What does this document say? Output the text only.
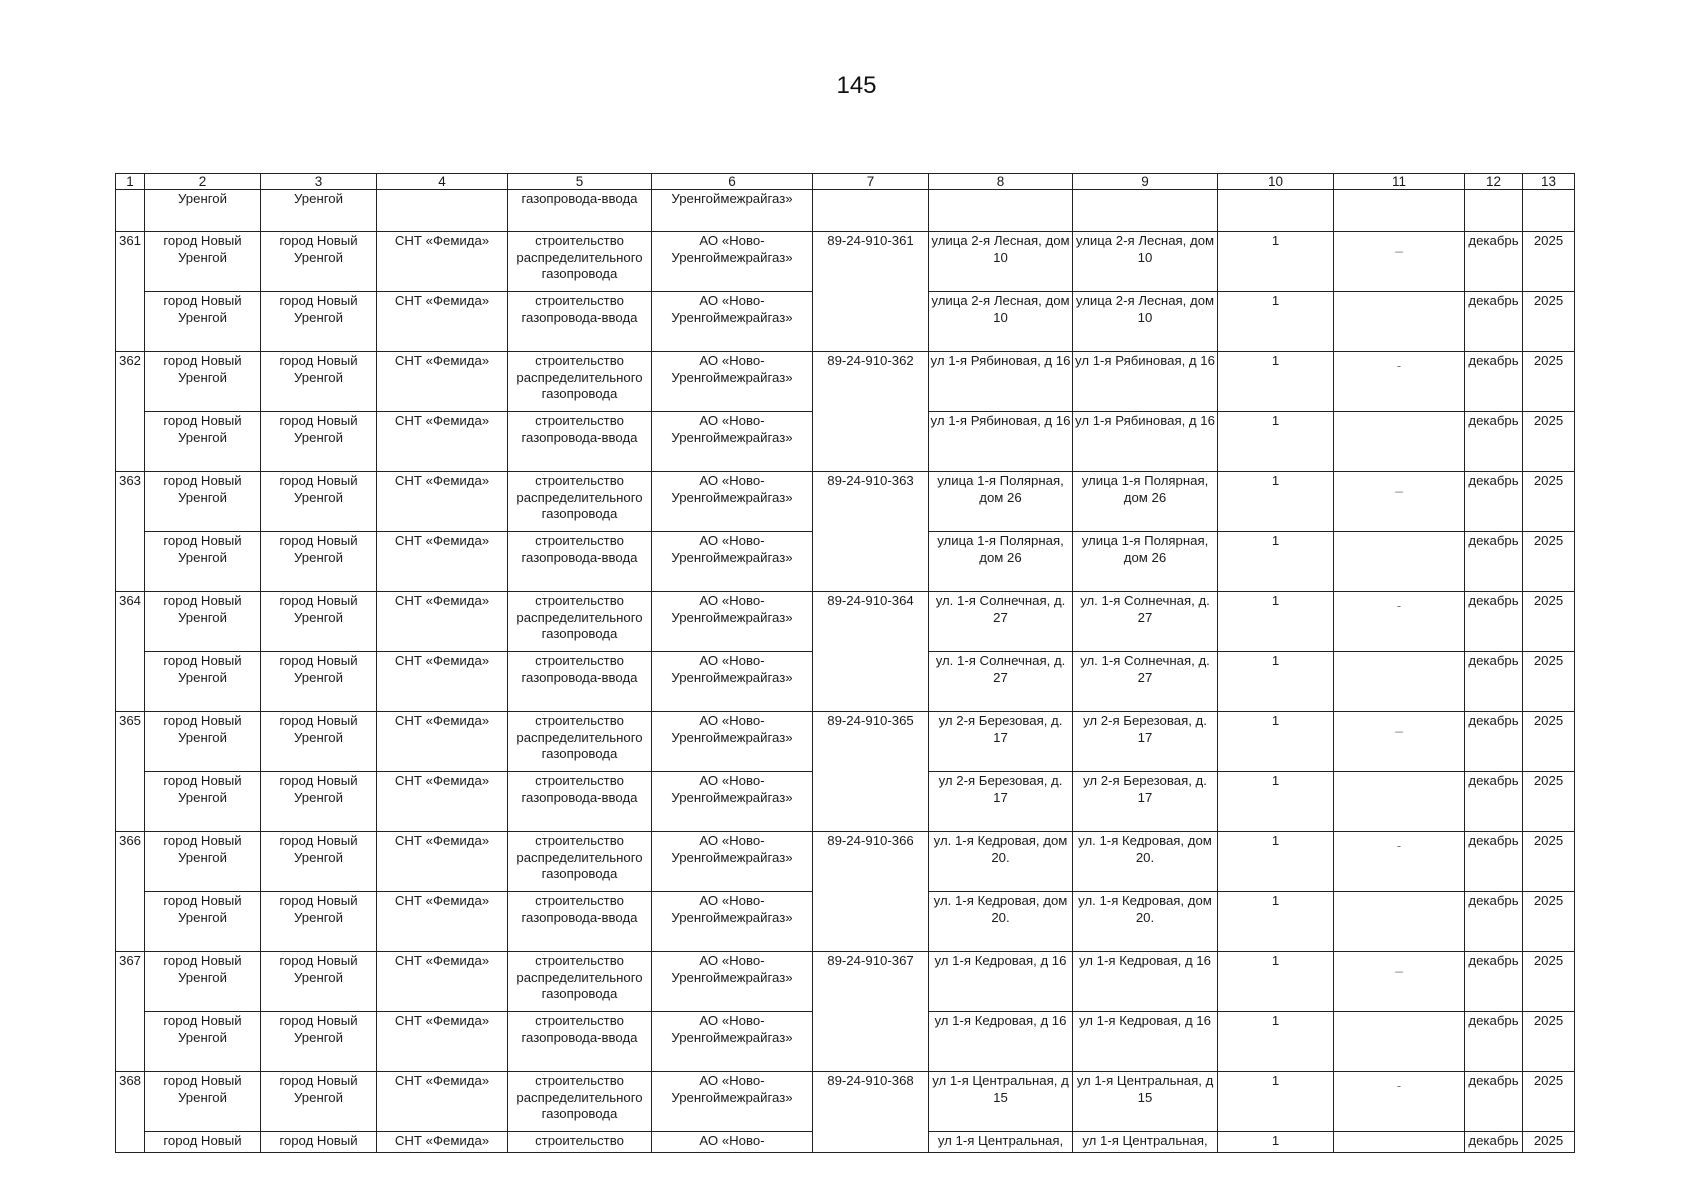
145
1	2	3	4	5	6	7	8	9	10	11	12	13
	Уренгой	Уренгой		газопровода-ввода	Уренгоймежрайгаз»							
361	город Новый Уренгой	город Новый Уренгой	СНТ «Фемида»	строительство распределительного газопровода	АО «Ново-Уренгоймежрайгаз»	89-24-910-361	улица 2-я Лесная, дом 10	улица 2-я Лесная, дом 10	1	_	декабрь	2025
	город Новый Уренгой	город Новый Уренгой	СНТ «Фемида»	строительство газопровода-ввода	АО «Ново-Уренгоймежрайгаз»		улица 2-я Лесная, дом 10	улица 2-я Лесная, дом 10	1		декабрь	2025
362	город Новый Уренгой	город Новый Уренгой	СНТ «Фемида»	строительство распределительного газопровода	АО «Ново-Уренгоймежрайгаз»	89-24-910-362	ул 1-я Рябиновая, д 16	ул 1-я Рябиновая, д 16	1	-	декабрь	2025
	город Новый Уренгой	город Новый Уренгой	СНТ «Фемида»	строительство газопровода-ввода	АО «Ново-Уренгоймежрайгаз»		ул 1-я Рябиновая, д 16	ул 1-я Рябиновая, д 16	1		декабрь	2025
363	город Новый Уренгой	город Новый Уренгой	СНТ «Фемида»	строительство распределительного газопровода	АО «Ново-Уренгоймежрайгаз»	89-24-910-363	улица 1-я Полярная, дом 26	улица 1-я Полярная, дом 26	1	_	декабрь	2025
	город Новый Уренгой	город Новый Уренгой	СНТ «Фемида»	строительство газопровода-ввода	АО «Ново-Уренгоймежрайгаз»		улица 1-я Полярная, дом 26	улица 1-я Полярная, дом 26	1		декабрь	2025
364	город Новый Уренгой	город Новый Уренгой	СНТ «Фемида»	строительство распределительного газопровода	АО «Ново-Уренгоймежрайгаз»	89-24-910-364	ул. 1-я Солнечная, д. 27	ул. 1-я Солнечная, д. 27	1	-	декабрь	2025
	город Новый Уренгой	город Новый Уренгой	СНТ «Фемида»	строительство газопровода-ввода	АО «Ново-Уренгоймежрайгаз»		ул. 1-я Солнечная, д. 27	ул. 1-я Солнечная, д. 27	1		декабрь	2025
365	город Новый Уренгой	город Новый Уренгой	СНТ «Фемида»	строительство распределительного газопровода	АО «Ново-Уренгоймежрайгаз»	89-24-910-365	ул 2-я Березовая, д. 17	ул 2-я Березовая, д. 17	1	_	декабрь	2025
	город Новый Уренгой	город Новый Уренгой	СНТ «Фемида»	строительство газопровода-ввода	АО «Ново-Уренгоймежрайгаз»		ул 2-я Березовая, д. 17	ул 2-я Березовая, д. 17	1		декабрь	2025
366	город Новый Уренгой	город Новый Уренгой	СНТ «Фемида»	строительство распределительного газопровода	АО «Ново-Уренгоймежрайгаз»	89-24-910-366	ул. 1-я Кедровая, дом 20.	ул. 1-я Кедровая, дом 20.	1	-	декабрь	2025
	город Новый Уренгой	город Новый Уренгой	СНТ «Фемида»	строительство газопровода-ввода	АО «Ново-Уренгоймежрайгаз»		ул. 1-я Кедровая, дом 20.	ул. 1-я Кедровая, дом 20.	1		декабрь	2025
367	город Новый Уренгой	город Новый Уренгой	СНТ «Фемида»	строительство распределительного газопровода	АО «Ново-Уренгоймежрайгаз»	89-24-910-367	ул 1-я Кедровая, д 16	ул 1-я Кедровая, д 16	1	_	декабрь	2025
	город Новый Уренгой	город Новый Уренгой	СНТ «Фемида»	строительство газопровода-ввода	АО «Ново-Уренгоймежрайгаз»		ул 1-я Кедровая, д 16	ул 1-я Кедровая, д 16	1		декабрь	2025
368	город Новый Уренгой	город Новый Уренгой	СНТ «Фемида»	строительство распределительного газопровода	АО «Ново-Уренгоймежрайгаз»	89-24-910-368	ул 1-я Центральная, д 15	ул 1-я Центральная, д 15	1	-	декабрь	2025
	город Новый	город Новый	СНТ «Фемида»	строительство	АО «Ново-		ул 1-я Центральная,	ул 1-я Центральная,	1		декабрь	2025
